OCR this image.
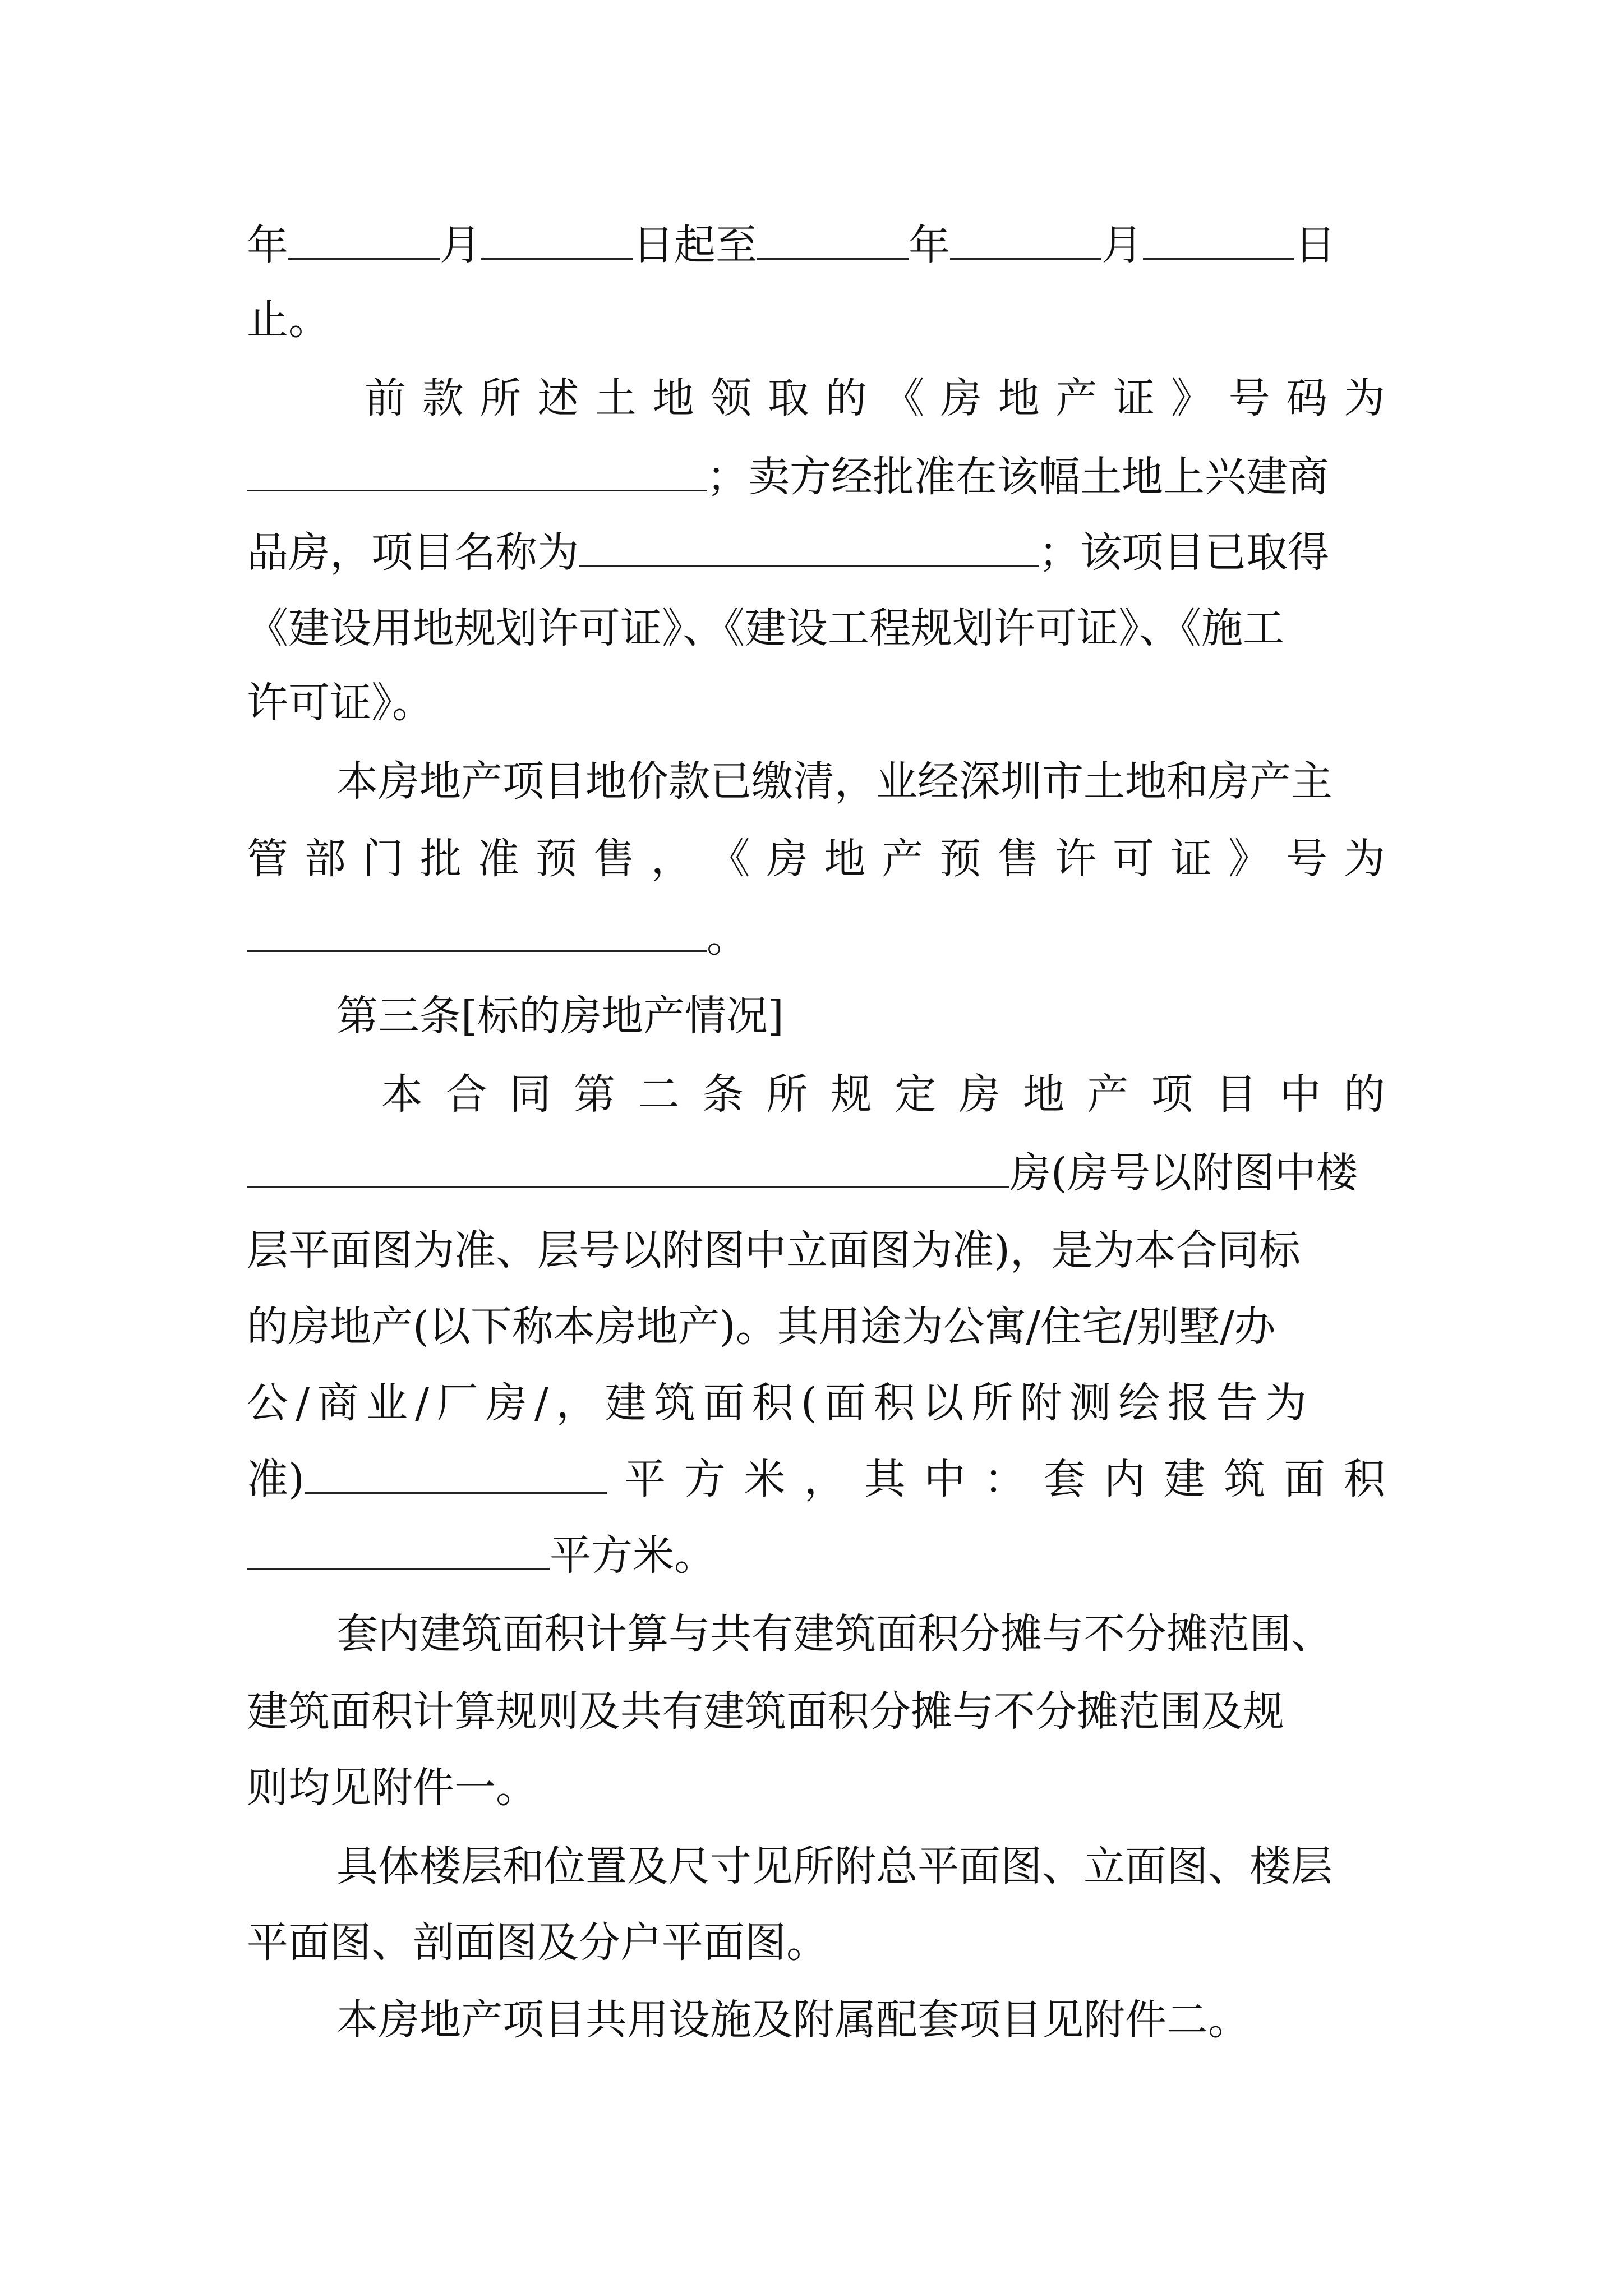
年	月	日起至	年	月	日
止。
前 款 所 述 土 地 领 取 的 《 房 地 产 证 》 号 码 为
；卖方经批准在该幅土地上兴建商
品房，项目名称为	；该项目已取得
《建设用地规划许可证》、《建设工程规划许可证》、《施工
许可证》。
本房地产项目地价款已缴清，业经深圳市土地和房产主
管 部 门 批 准 预 售 ， 《 房 地 产 预 售 许 可 证 》 号 为
。
第三条[标的房地产情况]
本 合 同 第 二 条 所 规 定 房 地 产 项 目 中 的
房(房号以附图中楼
层平面图为准、层号以附图中立面图为准)，是为本合同标
的房地产(以下称本房地产)。其用途为公寓/住宅/别墅/办
公/商业/厂房/，建筑面积(面积以所附测绘报告为
准)	平 方 米 ， 其 中 ： 套 内 建 筑 面 积
平方米。
套内建筑面积计算与共有建筑面积分摊与不分摊范围、
建筑面积计算规则及共有建筑面积分摊与不分摊范围及规
则均见附件一。
具体楼层和位置及尺寸见所附总平面图、立面图、楼层
平面图、剖面图及分户平面图。
本房地产项目共用设施及附属配套项目见附件二。
